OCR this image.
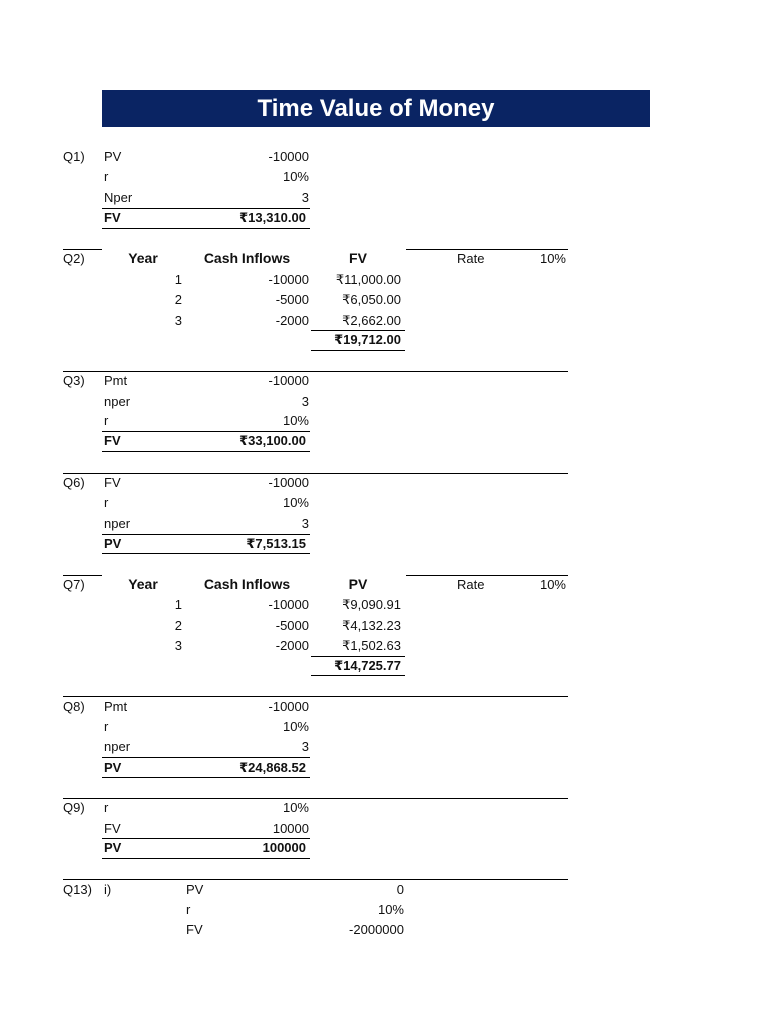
Time Value of Money
Q1) PV	-10000
r	10%
Nper	3
FV	₹13,310.00
Q2)	Year	Cash Inflows	FV	Rate	10%
1	-10000	₹11,000.00
2	-5000	₹6,050.00
3	-2000	₹2,662.00
₹19,712.00
Q3) Pmt	-10000
nper	3
r	10%
FV	₹33,100.00
Q6) FV	-10000
r	10%
nper	3
PV	₹7,513.15
Q7)	Year	Cash Inflows	PV	Rate	10%
1	-10000	₹9,090.91
2	-5000	₹4,132.23
3	-2000	₹1,502.63
₹14,725.77
Q8) Pmt	-10000
r	10%
nper	3
PV	₹24,868.52
Q9) r	10%
FV	10000
PV	100000
Q13) i)	PV	0
r	10%
FV	-2000000
